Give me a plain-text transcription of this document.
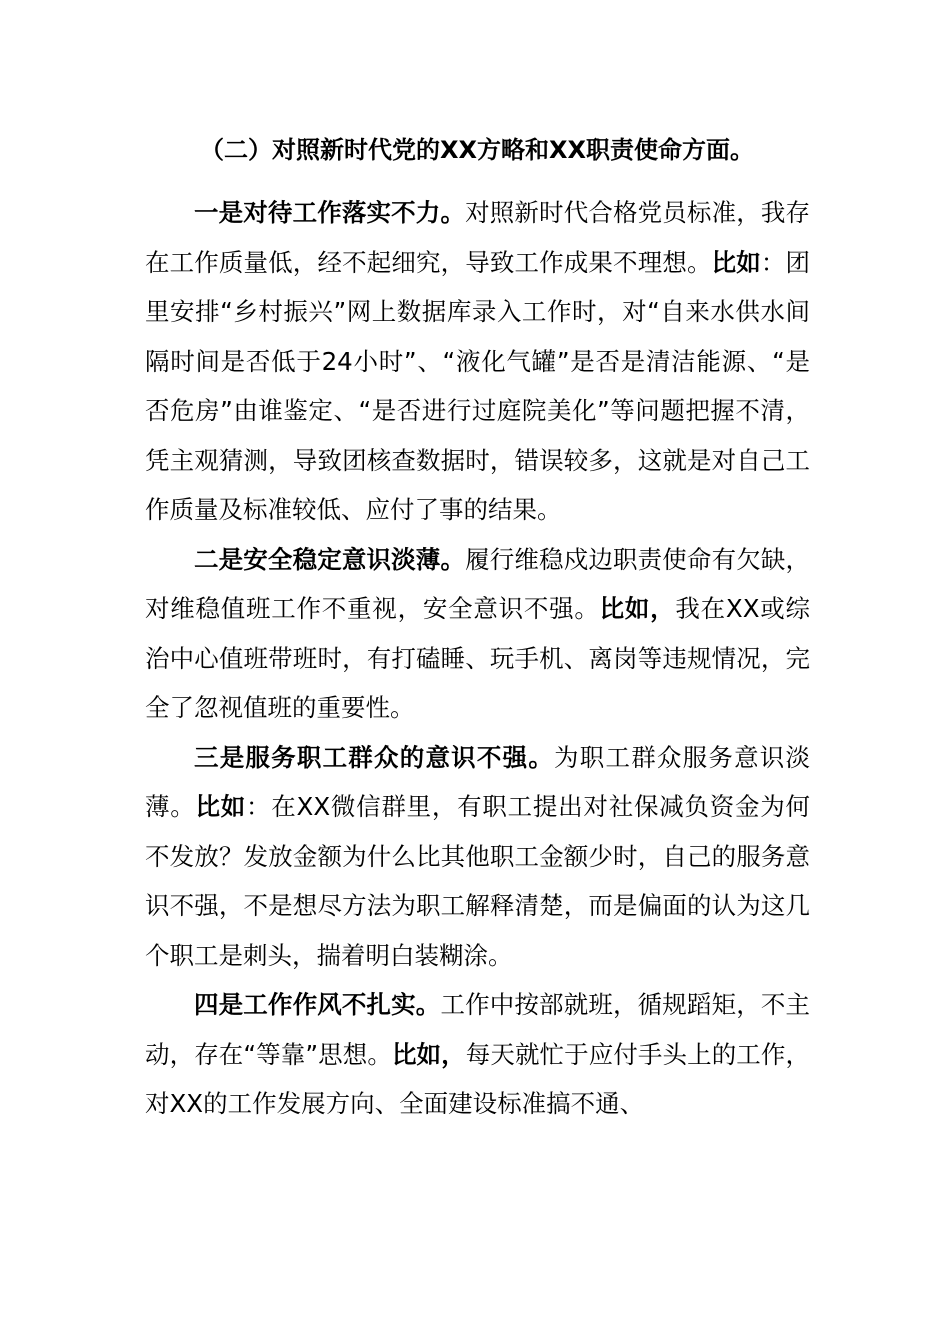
（二）对照新时代党的XX方略和XX职责使命方面。

一是对待工作落实不力。对照新时代合格党员标准，我存在工作质量低，经不起细究，导致工作成果不理想。比如：团里安排“乡村振兴”网上数据库录入工作时，对“自来水供水间隔时间是否低于24小时”、“液化气罐”是否是清洁能源、“是否危房”由谁鉴定、“是否进行过庭院美化”等问题把握不清，凭主观猜测，导致团核查数据时，错误较多，这就是对自己工作质量及标准较低、应付了事的结果。

二是安全稳定意识淡薄。履行维稳戍边职责使命有欠缺，对维稳值班工作不重视，安全意识不强。比如，我在XX或综治中心值班带班时，有打磕睡、玩手机、离岗等违规情况，完全了忽视值班的重要性。

三是服务职工群众的意识不强。为职工群众服务意识淡薄。比如：在XX微信群里，有职工提出对社保减负资金为何不发放？发放金额为什么比其他职工金额少时，自己的服务意识不强，不是想尽方法为职工解释清楚，而是偏面的认为这几个职工是刺头，揣着明白装糊涂。

四是工作作风不扎实。工作中按部就班，循规蹈矩，不主动，存在“等靠”思想。比如，每天就忙于应付手头上的工作，对XX的工作发展方向、全面建设标准搞不通、
